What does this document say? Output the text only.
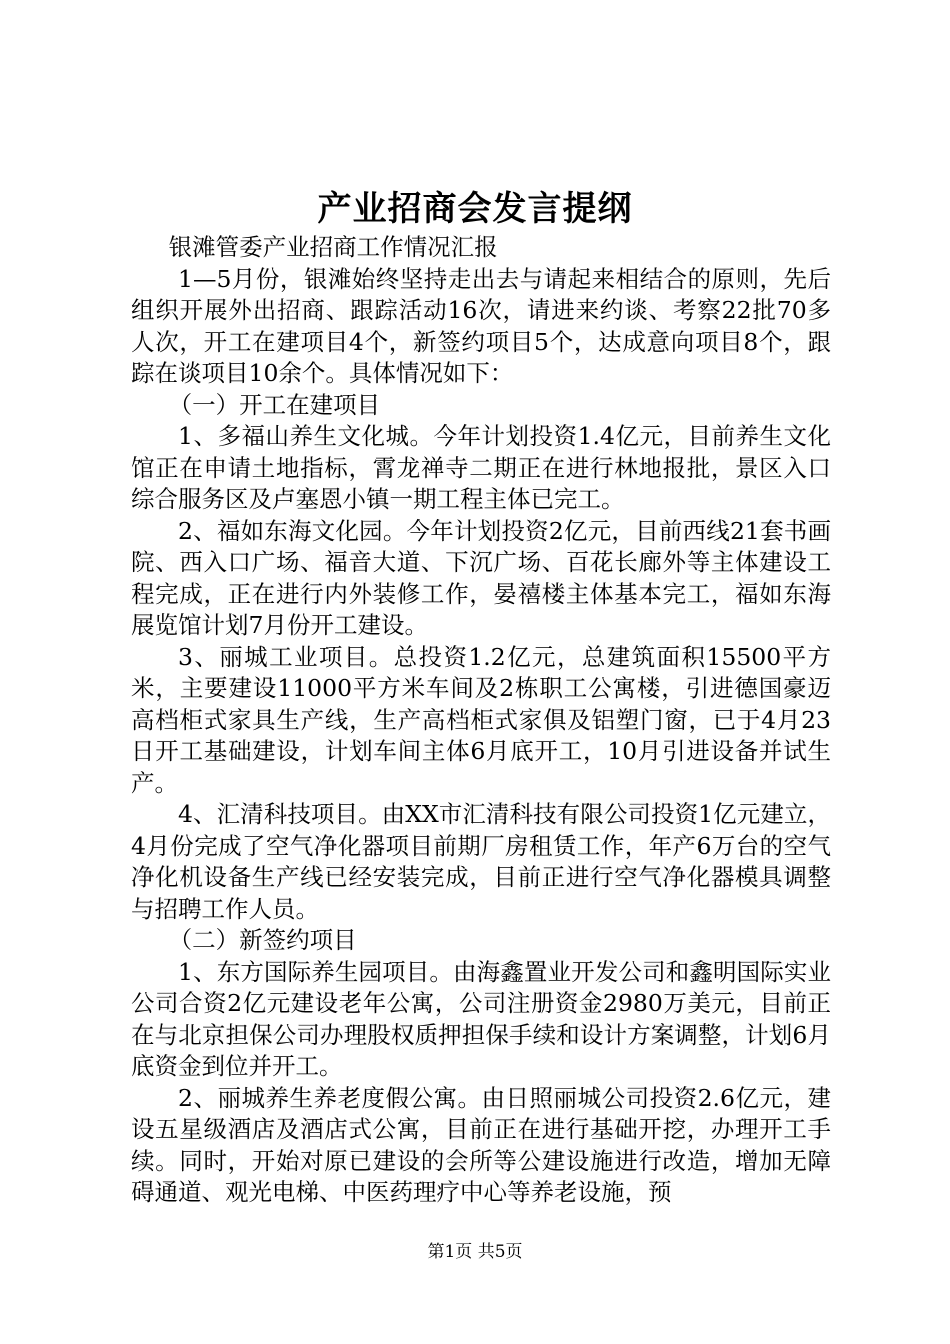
产业招商会发言提纲

银滩管委产业招商工作情况汇报

1—5月份，银滩始终坚持走出去与请起来相结合的原则，先后组织开展外出招商、跟踪活动16次，请进来约谈、考察22批70多人次，开工在建项目4个，新签约项目5个，达成意向项目8个，跟踪在谈项目10余个。具体情况如下：

（一）开工在建项目

1、多福山养生文化城。今年计划投资1.4亿元，目前养生文化馆正在申请土地指标，霄龙禅寺二期正在进行林地报批，景区入口综合服务区及卢塞恩小镇一期工程主体已完工。

2、福如东海文化园。今年计划投资2亿元，目前西线21套书画院、西入口广场、福音大道、下沉广场、百花长廊外等主体建设工程完成，正在进行内外装修工作，晏禧楼主体基本完工，福如东海展览馆计划7月份开工建设。

3、丽城工业项目。总投资1.2亿元，总建筑面积15500平方米，主要建设11000平方米车间及2栋职工公寓楼，引进德国豪迈高档柜式家具生产线，生产高档柜式家俱及铝塑门窗，已于4月23日开工基础建设，计划车间主体6月底开工，10月引进设备并试生产。

4、汇清科技项目。由XX市汇清科技有限公司投资1亿元建立，4月份完成了空气净化器项目前期厂房租赁工作，年产6万台的空气净化机设备生产线已经安装完成，目前正进行空气净化器模具调整与招聘工作人员。

（二）新签约项目

1、东方国际养生园项目。由海鑫置业开发公司和鑫明国际实业公司合资2亿元建设老年公寓，公司注册资金2980万美元，目前正在与北京担保公司办理股权质押担保手续和设计方案调整，计划6月底资金到位并开工。

2、丽城养生养老度假公寓。由日照丽城公司投资2.6亿元，建设五星级酒店及酒店式公寓，目前正在进行基础开挖，办理开工手续。同时，开始对原已建设的会所等公建设施进行改造，增加无障碍通道、观光电梯、中医药理疗中心等养老设施，预

第1页 共5页
